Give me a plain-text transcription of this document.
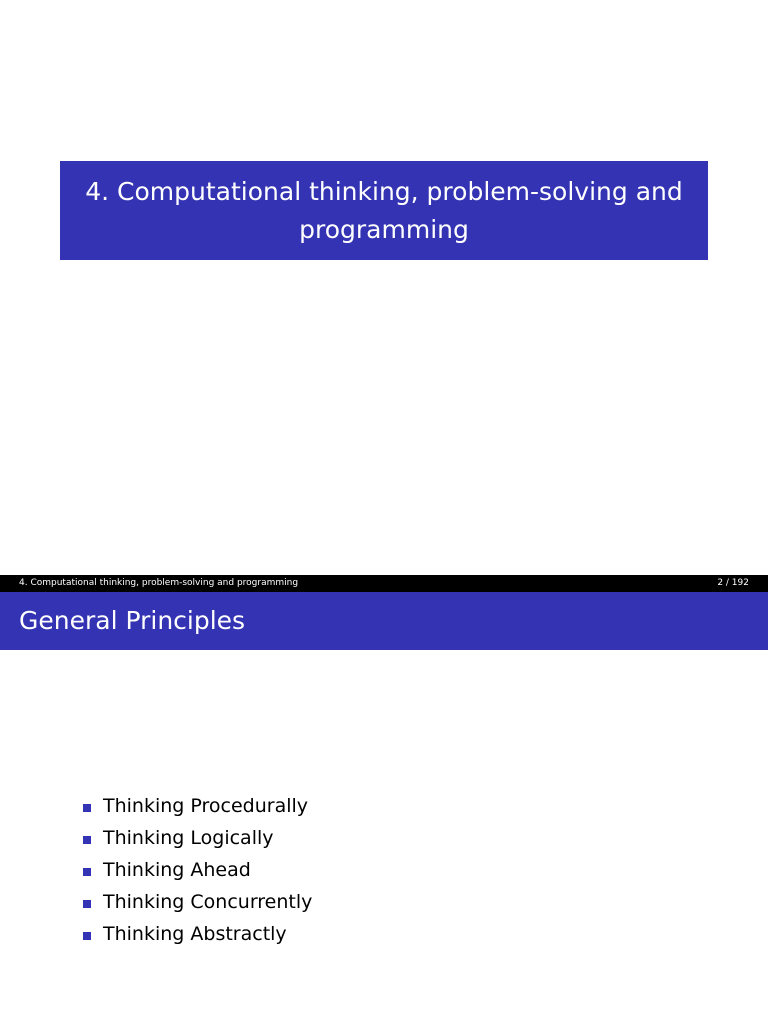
4. Computational thinking, problem-solving and programming
4. Computational thinking, problem-solving and programming	2 / 192
General Principles
Thinking Procedurally
Thinking Logically
Thinking Ahead
Thinking Concurrently
Thinking Abstractly
